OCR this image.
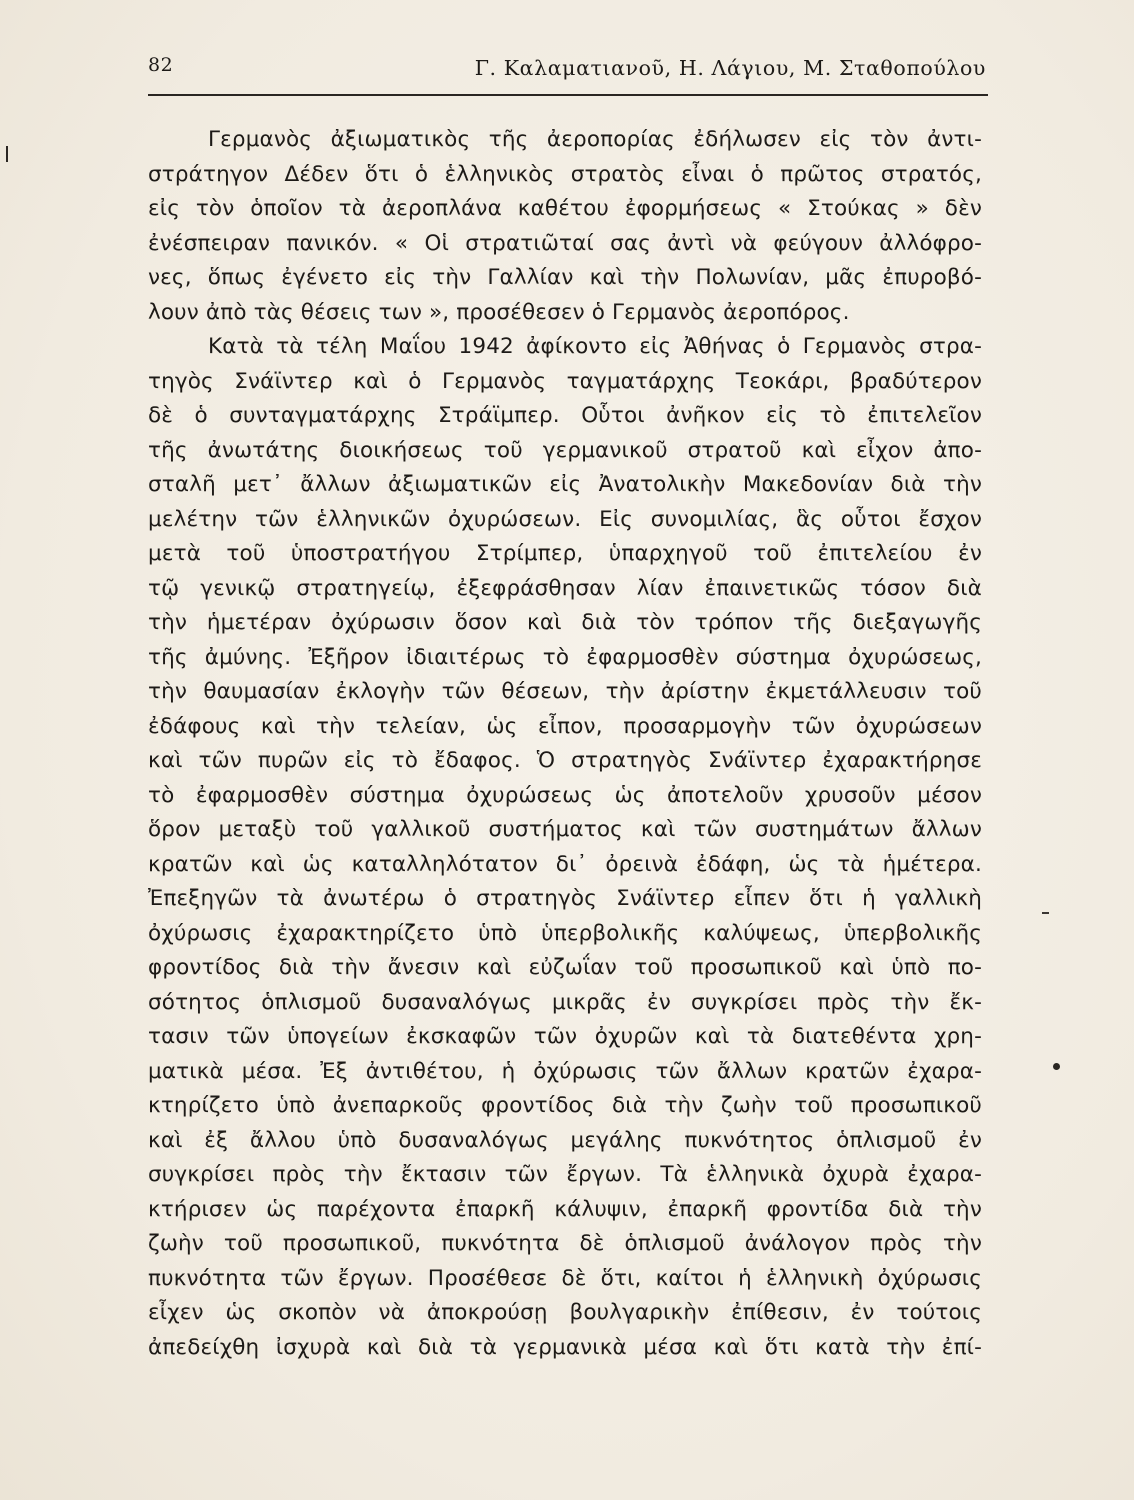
82	Γ. Καλαματιανοῦ, Η. Λάγιου, Μ. Σταθοπούλου
Γερμανὸς ἀξιωματικὸς τῆς ἀεροπορίας ἐδήλωσεν εἰς τὸν ἀντι-
στράτηγον Δέδεν ὅτι ὁ ἑλληνικὸς στρατὸς εἶναι ὁ πρῶτος στρατός,
εἰς τὸν ὁποῖον τὰ ἀεροπλάνα καθέτου ἐφορμήσεως « Στούκας » δὲν
ἐνέσπειραν πανικόν. « Οἱ στρατιῶταί σας ἀντὶ νὰ φεύγουν ἀλλόφρο-
νες, ὅπως ἐγένετο εἰς τὴν Γαλλίαν καὶ τὴν Πολωνίαν, μᾶς ἐπυροβό-
λουν ἀπὸ τὰς θέσεις των », προσέθεσεν ὁ Γερμανὸς ἀεροπόρος.
Κατὰ τὰ τέλη Μαΐου 1942 ἀφίκοντο εἰς Ἀθήνας ὁ Γερμανὸς στρα-
τηγὸς Σνάϊντερ καὶ ὁ Γερμανὸς ταγματάρχης Τεοκάρι, βραδύτερον
δὲ ὁ συνταγματάρχης Στράϊμπερ. Οὗτοι ἀνῆκον εἰς τὸ ἐπιτελεῖον
τῆς ἀνωτάτης διοικήσεως τοῦ γερμανικοῦ στρατοῦ καὶ εἶχον ἀπο-
σταλῆ μετ᾽ ἄλλων ἀξιωματικῶν εἰς Ἀνατολικὴν Μακεδονίαν διὰ τὴν
μελέτην τῶν ἑλληνικῶν ὀχυρώσεων. Εἰς συνομιλίας, ἃς οὗτοι ἔσχον
μετὰ τοῦ ὑποστρατήγου Στρίμπερ, ὑπαρχηγοῦ τοῦ ἐπιτελείου ἐν
τῷ γενικῷ στρατηγείῳ, ἐξεφράσθησαν λίαν ἐπαινετικῶς τόσον διὰ
τὴν ἡμετέραν ὀχύρωσιν ὅσον καὶ διὰ τὸν τρόπον τῆς διεξαγωγῆς
τῆς ἀμύνης. Ἐξῆρον ἰδιαιτέρως τὸ ἐφαρμοσθὲν σύστημα ὀχυρώσεως,
τὴν θαυμασίαν ἐκλογὴν τῶν θέσεων, τὴν ἀρίστην ἐκμετάλλευσιν τοῦ
ἐδάφους καὶ τὴν τελείαν, ὡς εἶπον, προσαρμογὴν τῶν ὀχυρώσεων
καὶ τῶν πυρῶν εἰς τὸ ἔδαφος. Ὁ στρατηγὸς Σνάϊντερ ἐχαρακτήρησε
τὸ ἐφαρμοσθὲν σύστημα ὀχυρώσεως ὡς ἀποτελοῦν χρυσοῦν μέσον
ὅρον μεταξὺ τοῦ γαλλικοῦ συστήματος καὶ τῶν συστημάτων ἄλλων
κρατῶν καὶ ὡς καταλληλότατον δι᾽ ὀρεινὰ ἐδάφη, ὡς τὰ ἡμέτερα.
Ἐπεξηγῶν τὰ ἀνωτέρω ὁ στρατηγὸς Σνάϊντερ εἶπεν ὅτι ἡ γαλλικὴ
ὀχύρωσις ἐχαρακτηρίζετο ὑπὸ ὑπερβολικῆς καλύψεως, ὑπερβολικῆς
φροντίδος διὰ τὴν ἄνεσιν καὶ εὐζωΐαν τοῦ προσωπικοῦ καὶ ὑπὸ πο-
σότητος ὁπλισμοῦ δυσαναλόγως μικρᾶς ἐν συγκρίσει πρὸς τὴν ἔκ-
τασιν τῶν ὑπογείων ἐκσκαφῶν τῶν ὀχυρῶν καὶ τὰ διατεθέντα χρη-
ματικὰ μέσα. Ἐξ ἀντιθέτου, ἡ ὀχύρωσις τῶν ἄλλων κρατῶν ἐχαρα-
κτηρίζετο ὑπὸ ἀνεπαρκοῦς φροντίδος διὰ τὴν ζωὴν τοῦ προσωπικοῦ
καὶ ἐξ ἄλλου ὑπὸ δυσαναλόγως μεγάλης πυκνότητος ὁπλισμοῦ ἐν
συγκρίσει πρὸς τὴν ἔκτασιν τῶν ἔργων. Τὰ ἑλληνικὰ ὀχυρὰ ἐχαρα-
κτήρισεν ὡς παρέχοντα ἐπαρκῆ κάλυψιν, ἐπαρκῆ φροντίδα διὰ τὴν
ζωὴν τοῦ προσωπικοῦ, πυκνότητα δὲ ὁπλισμοῦ ἀνάλογον πρὸς τὴν
πυκνότητα τῶν ἔργων. Προσέθεσε δὲ ὅτι, καίτοι ἡ ἑλληνικὴ ὀχύρωσις
εἶχεν ὡς σκοπὸν νὰ ἀποκρούσῃ βουλγαρικὴν ἐπίθεσιν, ἐν τούτοις
ἀπεδείχθη ἰσχυρὰ καὶ διὰ τὰ γερμανικὰ μέσα καὶ ὅτι κατὰ τὴν ἐπί-
